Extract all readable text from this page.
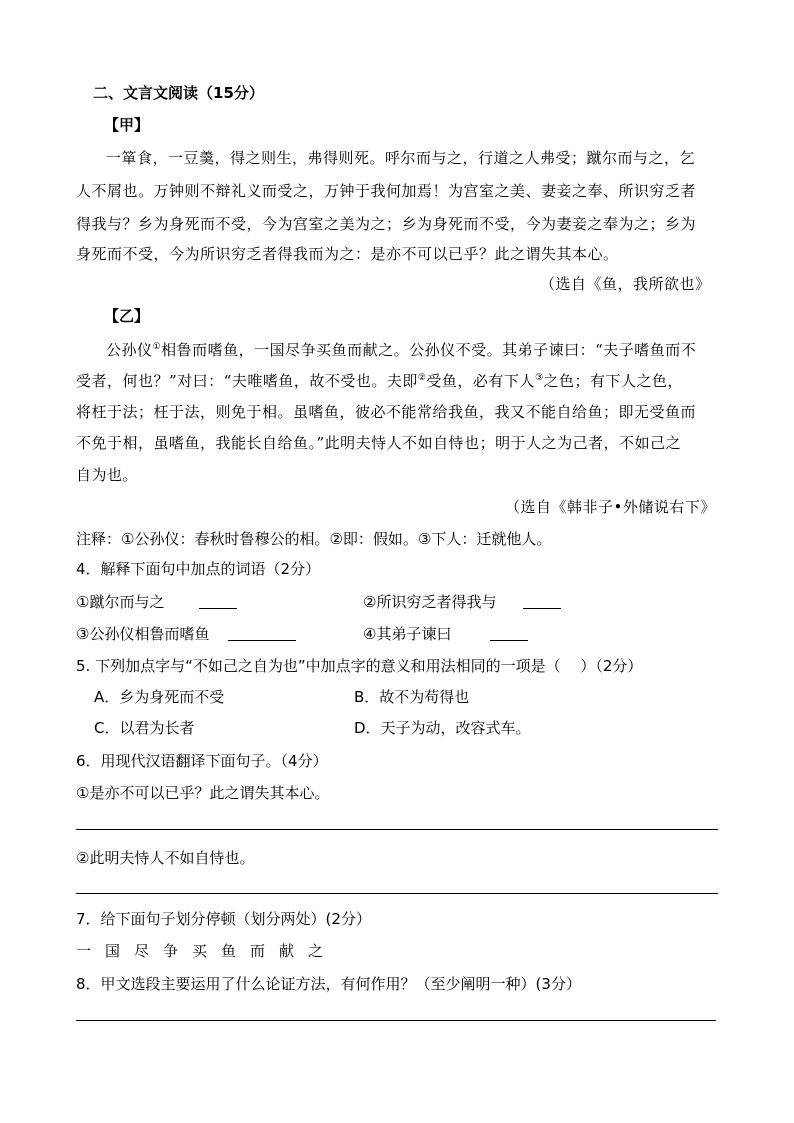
二、文言文阅读（15分）
【甲】
一箪食，一豆羹，得之则生，弗得则死。呼尔而与之，行道之人弗受；蹴尔而与之，乞
人不屑也。万钟则不辩礼义而受之，万钟于我何加焉！为宫室之美、妻妾之奉、所识穷乏者
得我与？乡为身死而不受，今为宫室之美为之；乡为身死而不受，今为妻妾之奉为之；乡为
身死而不受，今为所识穷乏者得我而为之：是亦不可以已乎？此之谓失其本心。
（选自《鱼，我所欲也》
【乙】
公孙仪①相鲁而嗜鱼，一国尽争买鱼而献之。公孙仪不受。其弟子谏曰：“夫子嗜鱼而不
受者，何也？”对曰：“夫唯嗜鱼，故不受也。夫即②受鱼，必有下人③之色；有下人之色，
将枉于法；枉于法，则免于相。虽嗜鱼，彼必不能常给我鱼，我又不能自给鱼；即无受鱼而
不免于相，虽嗜鱼，我能长自给鱼。”此明夫恃人不如自恃也；明于人之为己者，不如己之
自为也。
（选自《韩非子•外储说右下》
注释：①公孙仪：春秋时鲁穆公的相。②即：假如。③下人：迁就他人。
4．解释下面句中加点的词语（2分）
①蹴尔而与之	②所识穷乏者得我与
③公孙仪相鲁而嗜鱼	④其弟子谏曰
5. 下列加点字与“不如己之自为也”中加点字的意义和用法相同的一项是（　 ）（2分）
A．乡为身死而不受	B．故不为苟得也
C．以君为长者	D．天子为动，改容式车。
6．用现代汉语翻译下面句子。（4分）
①是亦不可以已乎？此之谓失其本心。
②此明夫恃人不如自恃也。
7．给下面句子划分停顿（划分两处）(2分）
一国尽争买鱼而献之
8．甲文选段主要运用了什么论证方法，有何作用？（至少阐明一种）(3分）
